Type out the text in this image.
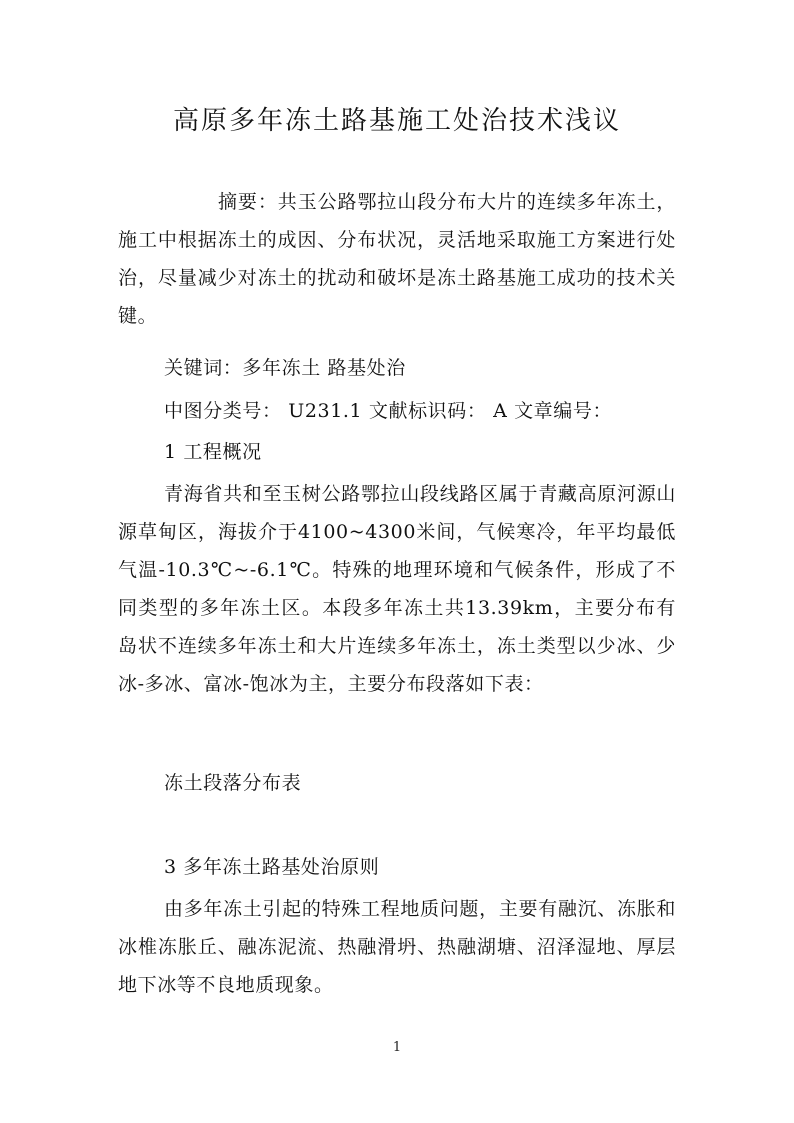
高原多年冻土路基施工处治技术浅议

摘要：共玉公路鄂拉山段分布大片的连续多年冻土，施工中根据冻土的成因、分布状况，灵活地采取施工方案进行处治，尽量减少对冻土的扰动和破坏是冻土路基施工成功的技术关键。

关键词：多年冻土 路基处治

中图分类号： U231.1 文献标识码： A 文章编号：

1 工程概况

青海省共和至玉树公路鄂拉山段线路区属于青藏高原河源山源草甸区，海拔介于4100~4300米间，气候寒冷，年平均最低气温-10.3℃~-6.1℃。特殊的地理环境和气候条件，形成了不同类型的多年冻土区。本段多年冻土共13.39km，主要分布有岛状不连续多年冻土和大片连续多年冻土，冻土类型以少冰、少冰-多冰、富冰-饱冰为主，主要分布段落如下表：

冻土段落分布表

3 多年冻土路基处治原则

由多年冻土引起的特殊工程地质问题，主要有融沉、冻胀和冰椎冻胀丘、融冻泥流、热融滑坍、热融湖塘、沼泽湿地、厚层地下冰等不良地质现象。

1
